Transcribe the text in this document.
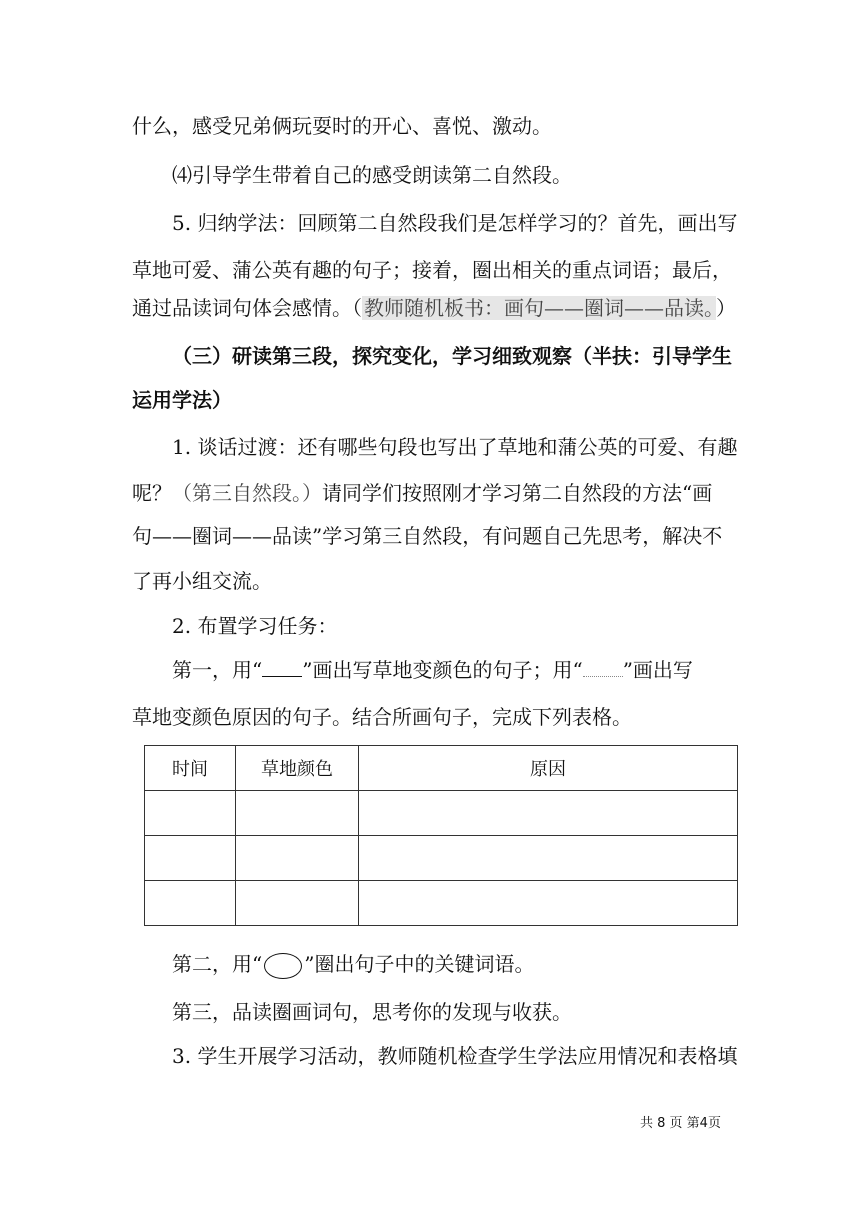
什么，感受兄弟俩玩耍时的开心、喜悦、激动。
⑷引导学生带着自己的感受朗读第二自然段。
5. 归纳学法：回顾第二自然段我们是怎样学习的？首先，画出写
草地可爱、蒲公英有趣的句子；接着，圈出相关的重点词语；最后，
通过品读词句体会感情。（ 教师随机板书：画句——圈词——品读。 ）
（三）研读第三段，探究变化，学习细致观察（半扶：引导学生
运用学法）
1. 谈话过渡：还有哪些句段也写出了草地和蒲公英的可爱、有趣
呢？（第三自然段。）请同学们按照刚才学习第二自然段的方法“画
句——圈词——品读”学习第三自然段，有问题自己先思考，解决不
了再小组交流。
2. 布置学习任务：
第一，用“ ”画出写草地变颜色的句子；用“ ”画出写
草地变颜色原因的句子。结合所画句子，完成下列表格。
时间	草地颜色	原因

第二，用“ ○ ”圈出句子中的关键词语。
第三，品读圈画词句，思考你的发现与收获。
3. 学生开展学习活动，教师随机检查学生学法应用情况和表格填
共 8 页 第4页
